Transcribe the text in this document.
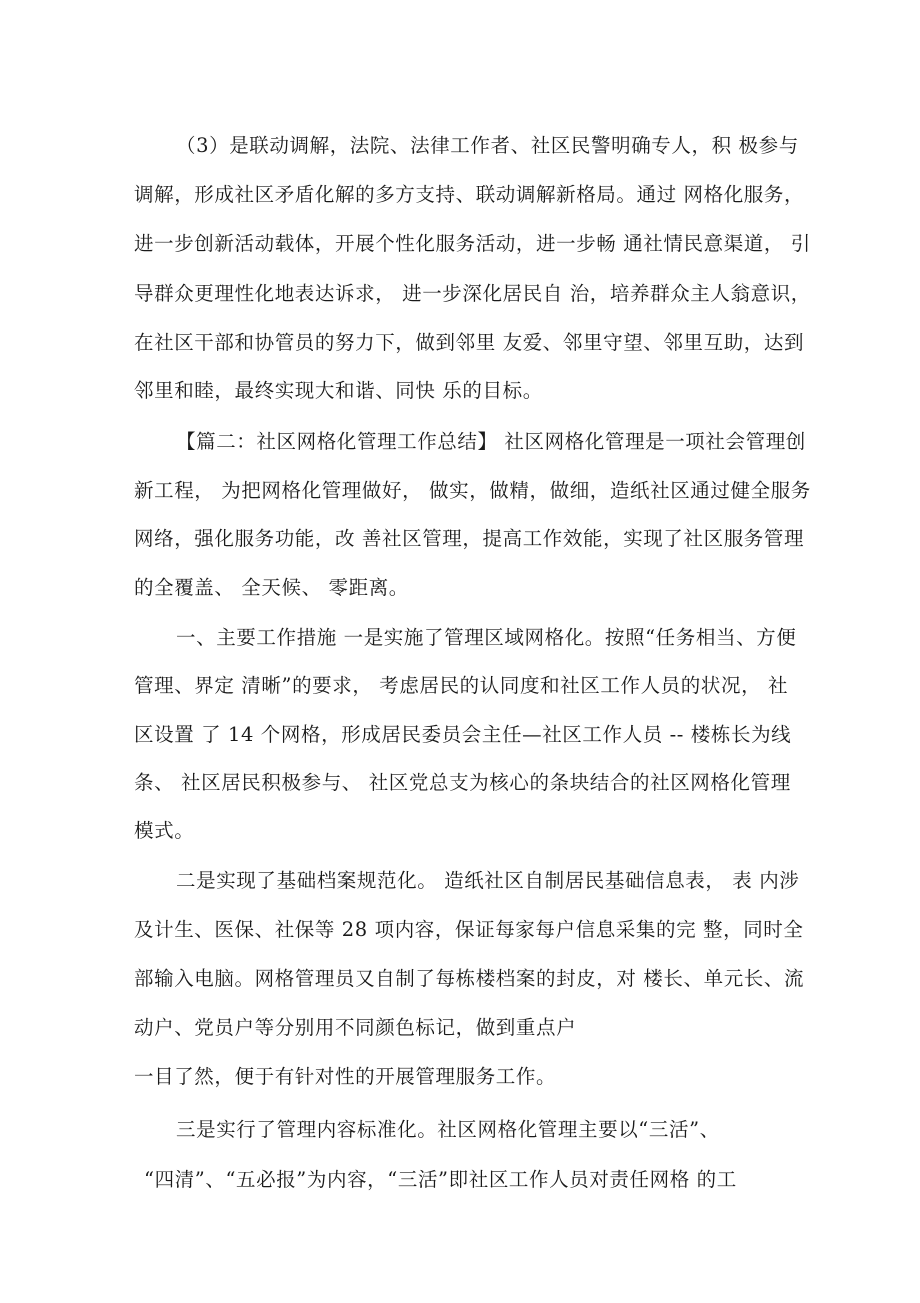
（3）是联动调解，法院、法律工作者、社区民警明确专人，积 极参与
调解，形成社区矛盾化解的多方支持、联动调解新格局。通过 网格化服务，
进一步创新活动载体，开展个性化服务活动，进一步畅 通社情民意渠道， 引
导群众更理性化地表达诉求， 进一步深化居民自 治，培养群众主人翁意识，
在社区干部和协管员的努力下，做到邻里 友爱、邻里守望、邻里互助，达到
邻里和睦，最终实现大和谐、同快 乐的目标。
【篇二：社区网格化管理工作总结】 社区网格化管理是一项社会管理创
新工程， 为把网格化管理做好， 做实，做精，做细，造纸社区通过健全服务
网络，强化服务功能，改 善社区管理，提高工作效能，实现了社区服务管理
的全覆盖、 全天候、 零距离。
一、主要工作措施 一是实施了管理区域网格化。按照“任务相当、方便
管理、界定 清晰”的要求， 考虑居民的认同度和社区工作人员的状况， 社
区设置 了 14 个网格，形成居民委员会主任—社区工作人员 -- 楼栋长为线
条、 社区居民积极参与、 社区党总支为核心的条块结合的社区网格化管理
模式。
二是实现了基础档案规范化。 造纸社区自制居民基础信息表， 表 内涉
及计生、医保、社保等 28 项内容，保证每家每户信息采集的完 整，同时全
部输入电脑。网格管理员又自制了每栋楼档案的封皮，对 楼长、单元长、流
动户、党员户等分别用不同颜色标记，做到重点户
一目了然，便于有针对性的开展管理服务工作。
三是实行了管理内容标准化。社区网格化管理主要以“三活”、
“四清”、“五必报”为内容，“三活”即社区工作人员对责任网格 的工
